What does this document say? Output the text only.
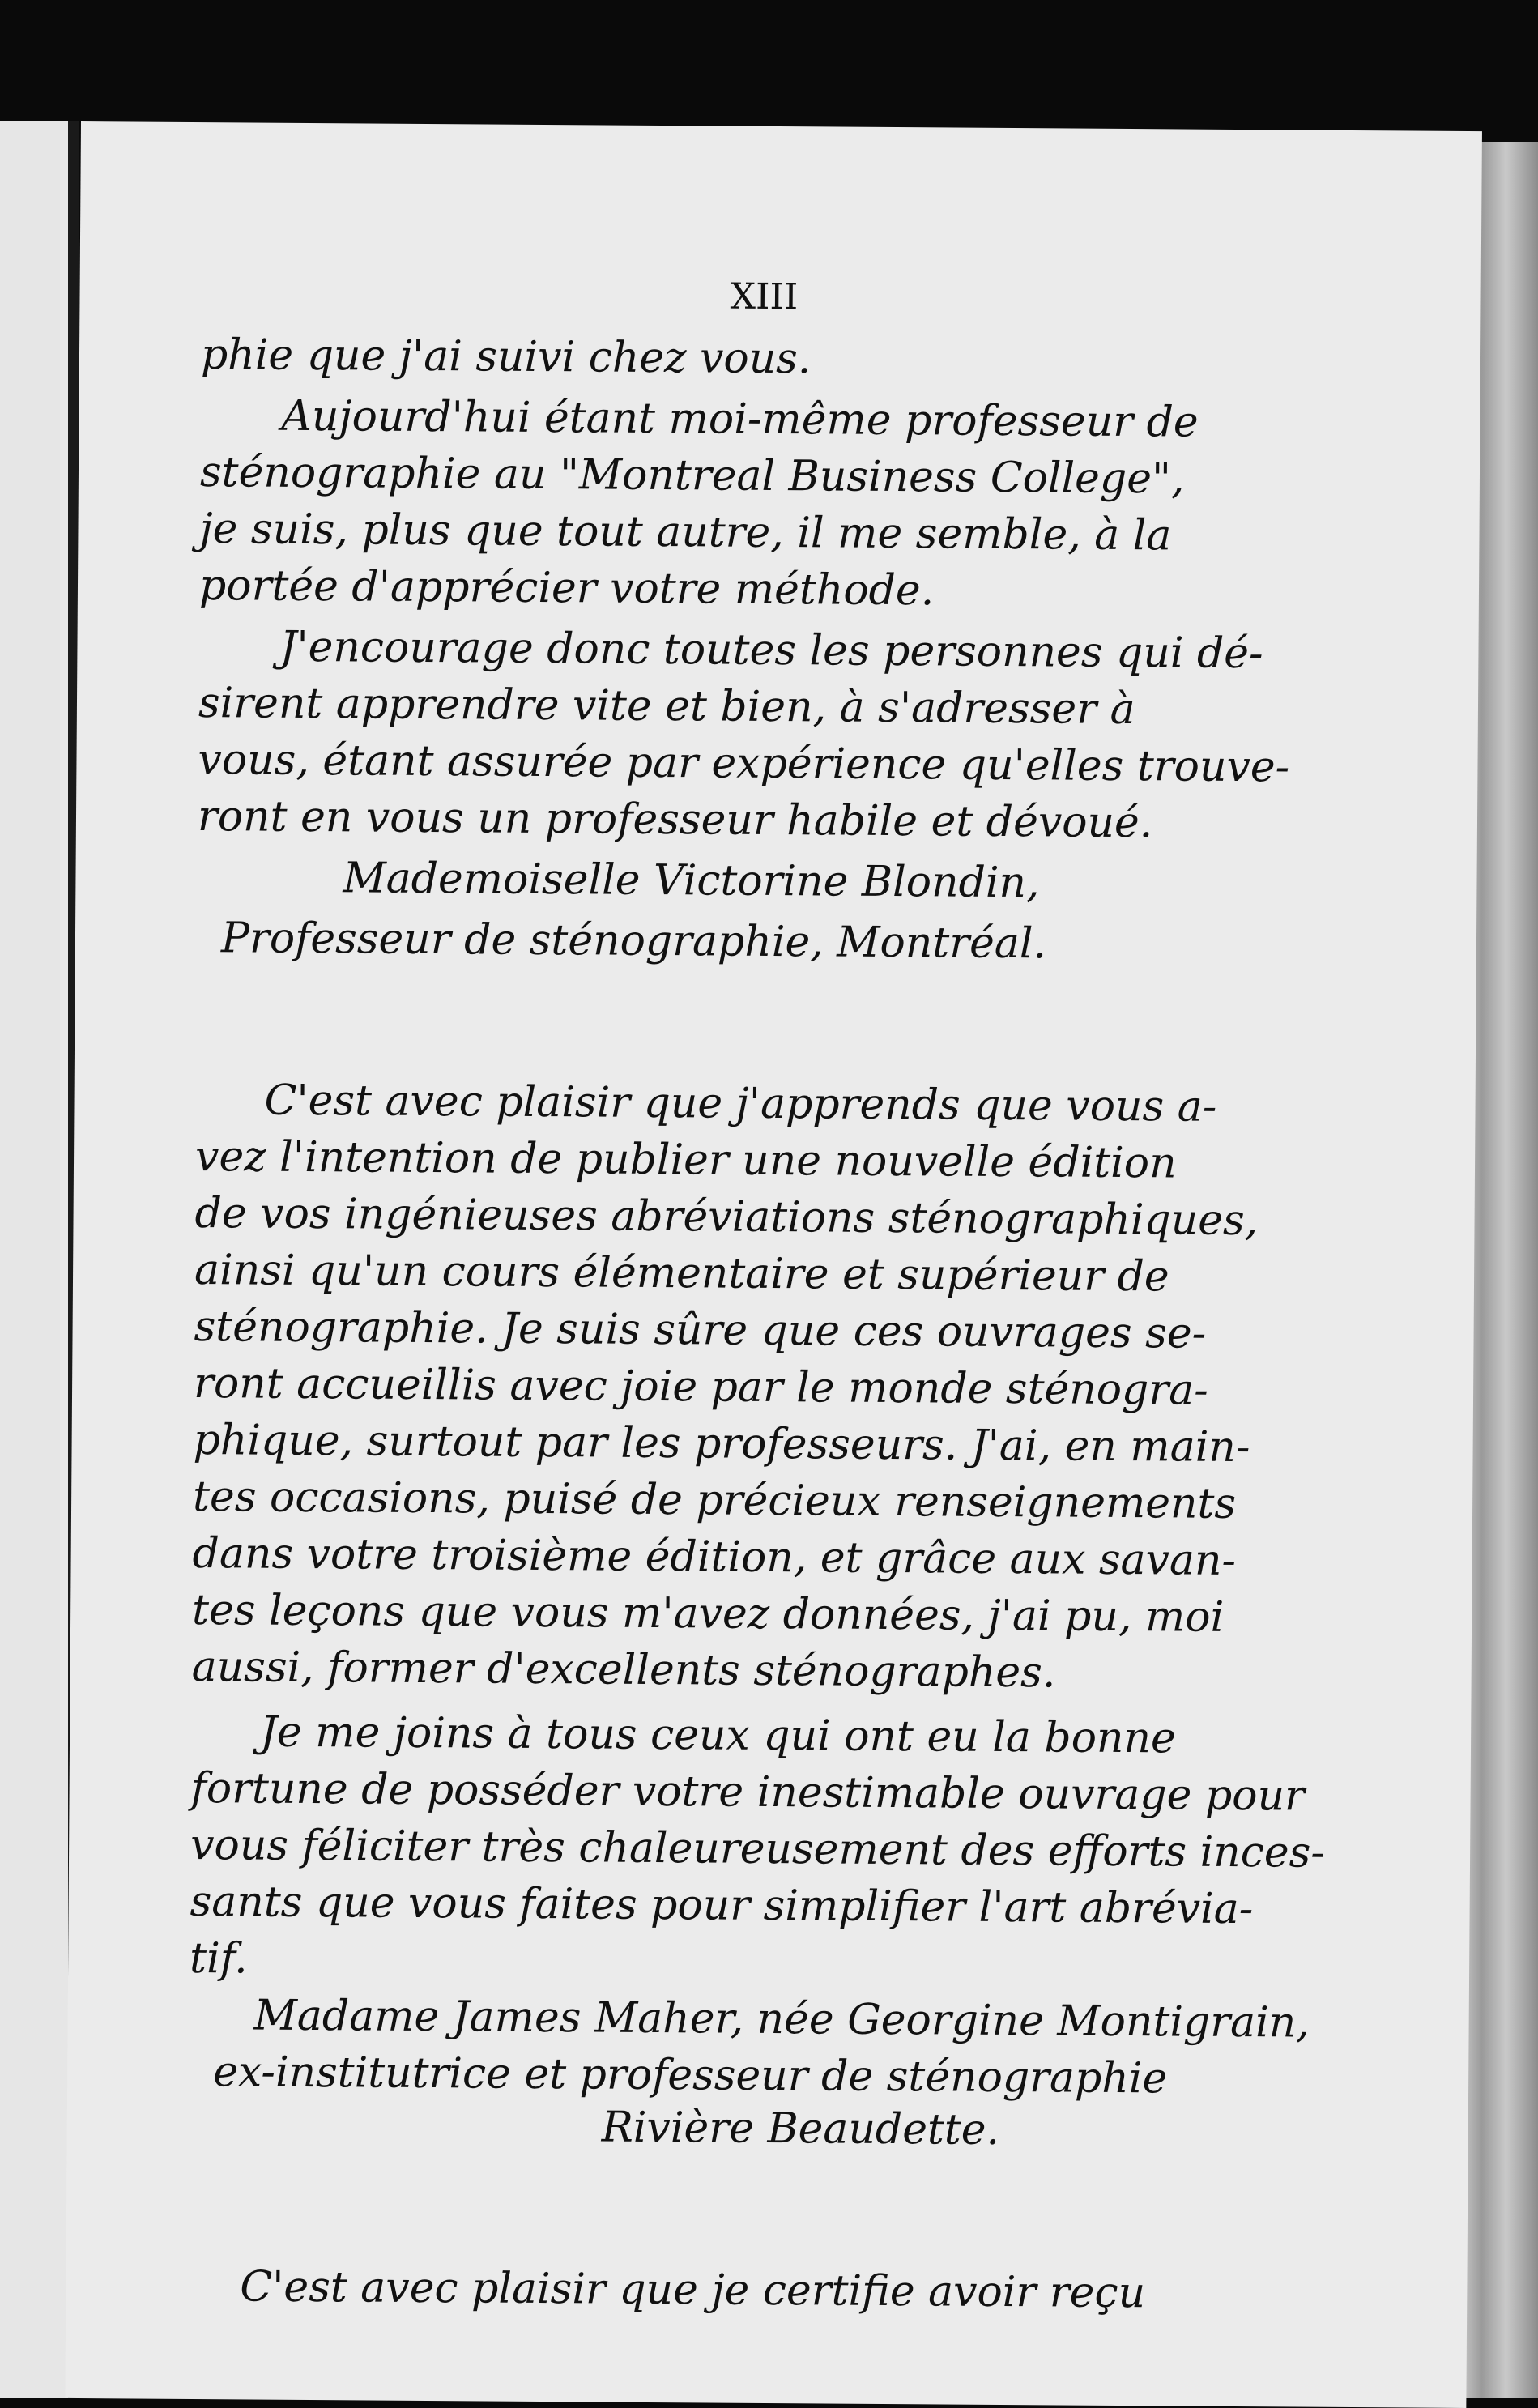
XIII
phie que j'ai suivi chez vous.
Aujourd'hui étant moi-même professeur de
sténographie au "Montreal Business College",
je suis, plus que tout autre, il me semble, à la
portée d'apprécier votre méthode.
J'encourage donc toutes les personnes qui dé-
sirent apprendre vite et bien, à s'adresser à
vous, étant assurée par expérience qu'elles trouve-
ront en vous un professeur habile et dévoué.
Mademoiselle Victorine Blondin,
Professeur de sténographie, Montréal.
C'est avec plaisir que j'apprends que vous a-
vez l'intention de publier une nouvelle édition
de vos ingénieuses abréviations sténographiques,
ainsi qu'un cours élémentaire et supérieur de
sténographie. Je suis sûre que ces ouvrages se-
ront accueillis avec joie par le monde sténogra-
phique, surtout par les professeurs. J'ai, en main-
tes occasions, puisé de précieux renseignements
dans votre troisième édition, et grâce aux savan-
tes leçons que vous m'avez données, j'ai pu, moi
aussi, former d'excellents sténographes.
Je me joins à tous ceux qui ont eu la bonne
fortune de posséder votre inestimable ouvrage pour
vous féliciter très chaleureusement des efforts inces-
sants que vous faites pour simplifier l'art abrévia-
tif.
Madame James Maher, née Georgine Montigrain,
ex-institutrice et professeur de sténographie
Rivière Beaudette.
C'est avec plaisir que je certifie avoir reçu
